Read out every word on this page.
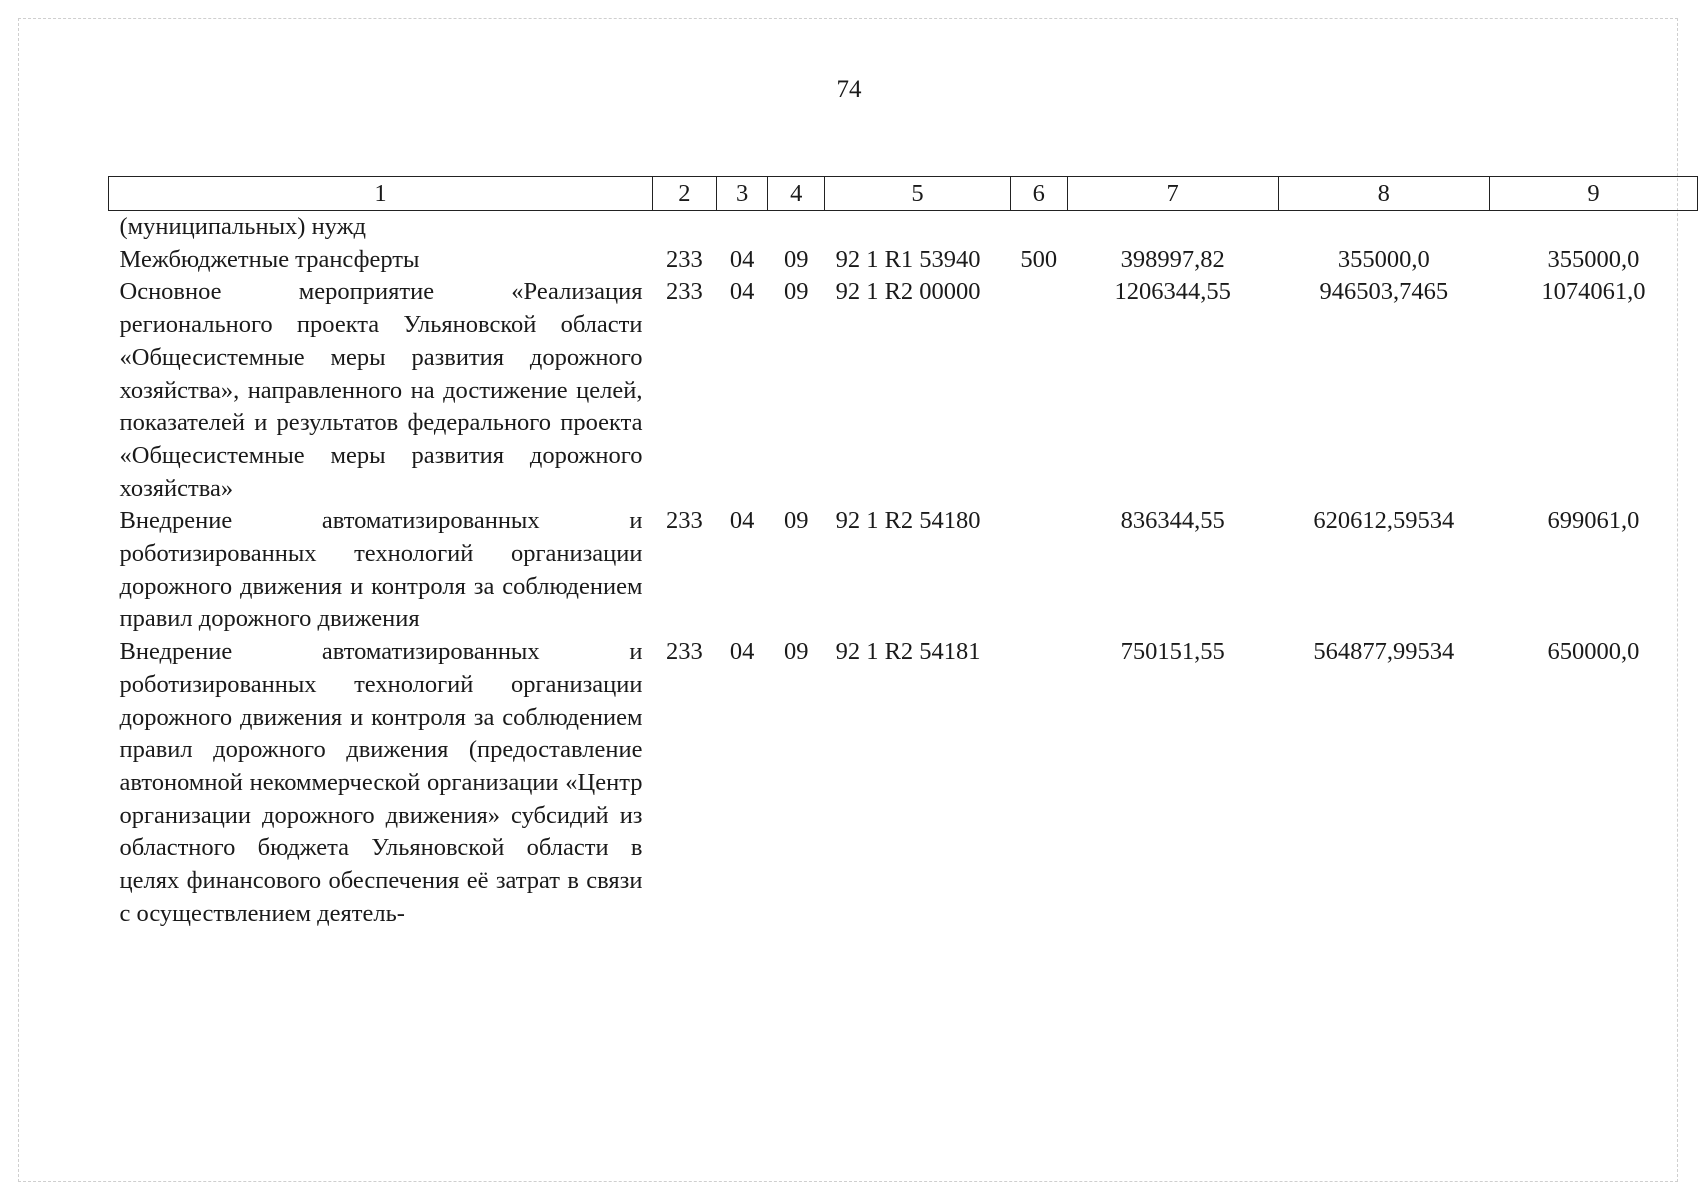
74
1	2	3	4	5	6	7	8	9
(муниципальных) нужд								
Межбюджетные трансферты	233	04	09	92 1 R1 53940	500	398997,82	355000,0	355000,0
Основное мероприятие «Реализация регионального проекта Ульяновской области «Общесистемные меры развития дорожного хозяйства», направленного на достижение целей, показателей и результатов федерального проекта «Общесистемные меры развития дорожного хозяйства»	233	04	09	92 1 R2 00000		1206344,55	946503,7465	1074061,0
Внедрение автоматизированных и роботизированных технологий организации дорожного движения и контроля за соблюдением правил дорожного движения	233	04	09	92 1 R2 54180		836344,55	620612,59534	699061,0
Внедрение автоматизированных и роботизированных технологий организации дорожного движения и контроля за соблюдением правил дорожного движения (предоставление автономной некоммерческой организации «Центр организации дорожного движения» субсидий из областного бюджета Ульяновской области в целях финансового обеспечения её затрат в связи с осуществлением деятель-	233	04	09	92 1 R2 54181		750151,55	564877,99534	650000,0
